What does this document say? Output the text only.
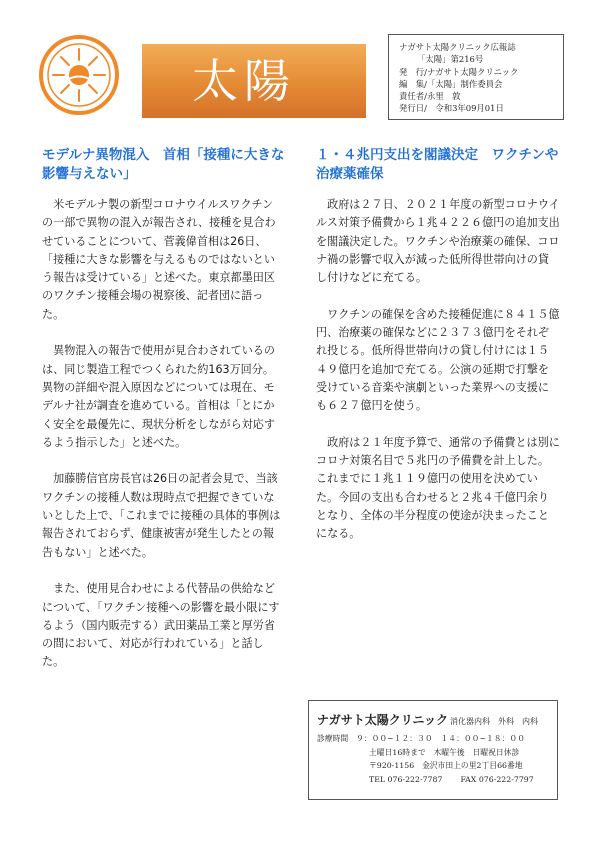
太陽
ナガサト太陽クリニック広報誌
「太陽」第216号
発　行/ナガサト太陽クリニック
編　集/「太陽」制作委員会
責任者/永里　敦
発行日/　令和3年09月01日
モデルナ異物混入　首相「接種に大きな影響与えない」

米モデルナ製の新型コロナウイルスワクチンの一部で異物の混入が報告され、接種を見合わせていることについて、菅義偉首相は26日、「接種に大きな影響を与えるものではないという報告は受けている」と述べた。東京都墨田区のワクチン接種会場の視察後、記者団に語った。

異物混入の報告で使用が見合わされているのは、同じ製造工程でつくられた約163万回分。異物の詳細や混入原因などについては現在、モデルナ社が調査を進めている。首相は「とにかく安全を最優先に、現状分析をしながら対応するよう指示した」と述べた。

加藤勝信官房長官は26日の記者会見で、当該ワクチンの接種人数は現時点で把握できていないとした上で、「これまでに接種の具体的事例は報告されておらず、健康被害が発生したとの報告もない」と述べた。

また、使用見合わせによる代替品の供給などについて、「ワクチン接種への影響を最小限にするよう（国内販売する）武田薬品工業と厚労省の間において、対応が行われている」と話した。

１・４兆円支出を閣議決定　ワクチンや治療薬確保

政府は２７日、２０２１年度の新型コロナウイルス対策予備費から１兆４２２６億円の追加支出を閣議決定した。ワクチンや治療薬の確保、コロナ禍の影響で収入が減った低所得世帯向けの貸し付けなどに充てる。

ワクチンの確保を含めた接種促進に８４１５億円、治療薬の確保などに２３７３億円をそれぞれ投じる。低所得世帯向けの貸し付けには１５４９億円を追加で充てる。公演の延期で打撃を受けている音楽や演劇といった業界への支援にも６２７億円を使う。

政府は２１年度予算で、通常の予備費とは別にコロナ対策名目で５兆円の予備費を計上した。これまでに１兆１１９億円の使用を決めていた。今回の支出も合わせると２兆４千億円余りとなり、全体の半分程度の使途が決まったことになる。

ナガサト太陽クリニック 消化器内科　外科　内科
診療時間　９：００~１２：３０　１４：００~１８：００
土曜日16時まで　木曜午後　日曜祝日休診
〒920-1156　金沢市田上の里2丁目66番地
TEL 076-222-7787 FAX 076-222-7797
